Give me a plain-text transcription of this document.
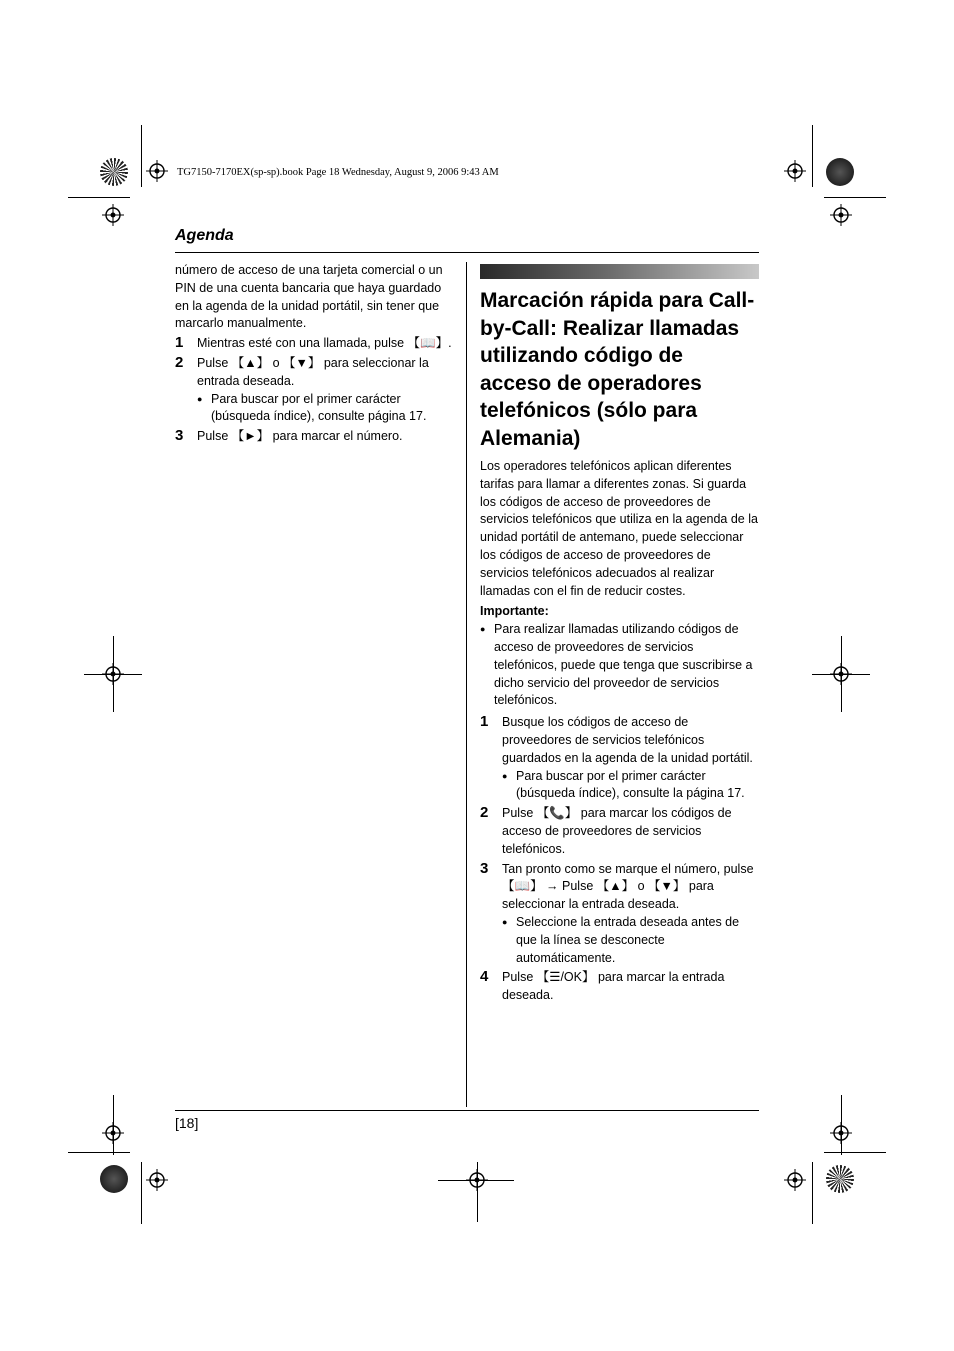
TG7150-7170EX(sp-sp).book Page 18 Wednesday, August 9, 2006 9:43 AM
Agenda

número de acceso de una tarjeta comercial o un PIN de una cuenta bancaria que haya guardado en la agenda de la unidad portátil, sin tener que marcarlo manualmente.

1 Mientras esté con una llamada, pulse 【📖】.
2 Pulse 【▲】 o 【▼】 para seleccionar la entrada deseada.
● Para buscar por el primer carácter (búsqueda índice), consulte página 17.
3 Pulse 【►】 para marcar el número.
Marcación rápida para Call-by-Call: Realizar llamadas utilizando código de acceso de operadores telefónicos (sólo para Alemania)

Los operadores telefónicos aplican diferentes tarifas para llamar a diferentes zonas. Si guarda los códigos de acceso de proveedores de servicios telefónicos que utiliza en la agenda de la unidad portátil de antemano, puede seleccionar los códigos de acceso de proveedores de servicios telefónicos adecuados al realizar llamadas con el fin de reducir costes.

Importante:

● Para realizar llamadas utilizando códigos de acceso de proveedores de servicios telefónicos, puede que tenga que suscribirse a dicho servicio del proveedor de servicios telefónicos.
1 Busque los códigos de acceso de proveedores de servicios telefónicos guardados en la agenda de la unidad portátil.
● Para buscar por el primer carácter (búsqueda índice), consulte la página 17.
2 Pulse 【📞】 para marcar los códigos de acceso de proveedores de servicios telefónicos.
3 Tan pronto como se marque el número, pulse 【📖】 → Pulse 【▲】 o 【▼】 para seleccionar la entrada deseada.
● Seleccione la entrada deseada antes de que la línea se desconecte automáticamente.
4 Pulse 【☰/OK】 para marcar la entrada deseada.
[18]
